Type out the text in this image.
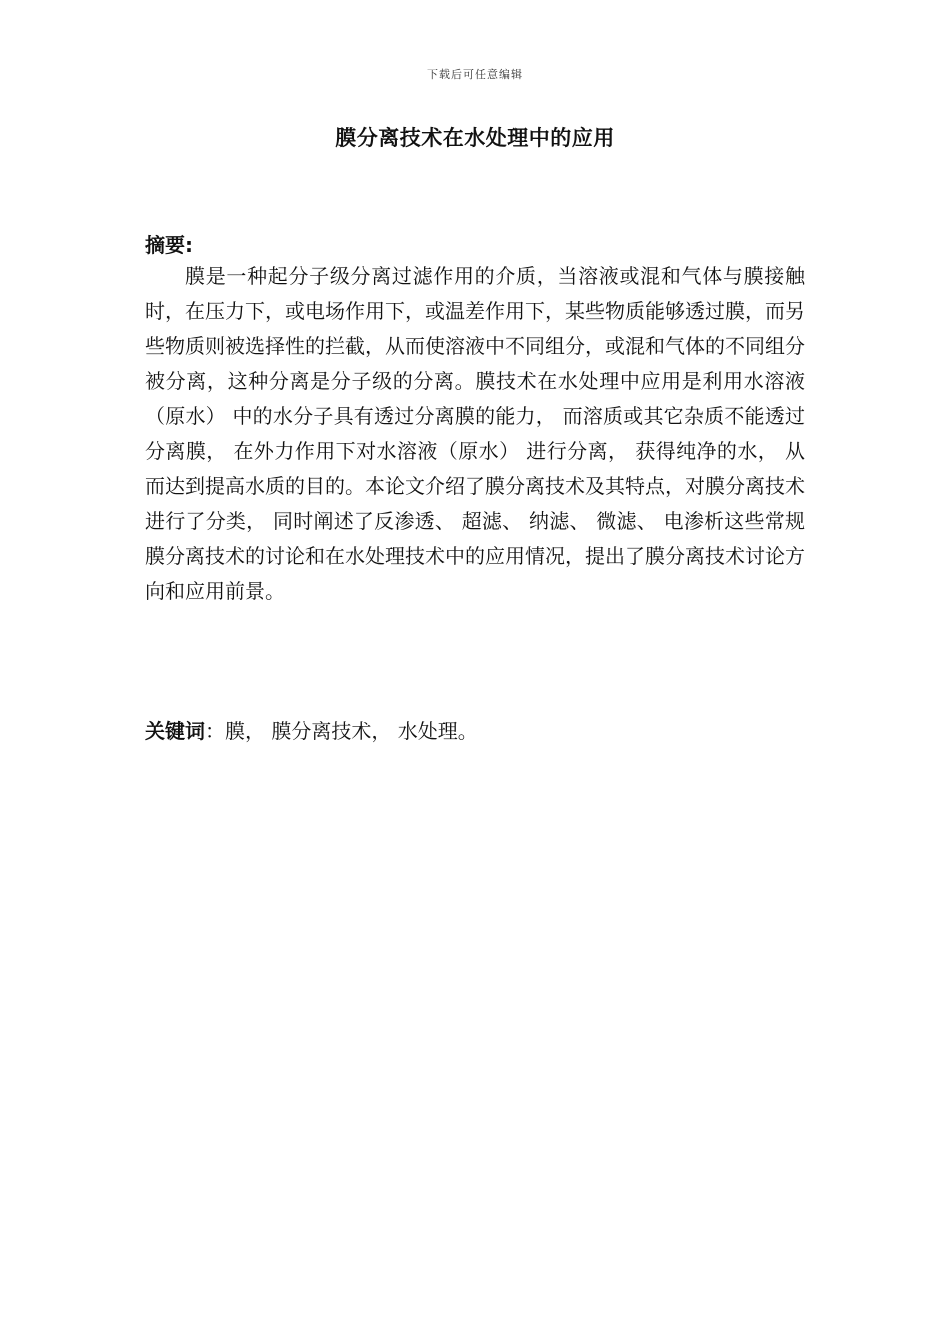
下载后可任意编辑
膜分离技术在水处理中的应用
摘要:

膜是一种起分子级分离过滤作用的介质，当溶液或混和气体与膜接触时，在压力下，或电场作用下，或温差作用下，某些物质能够透过膜，而另些物质则被选择性的拦截，从而使溶液中不同组分，或混和气体的不同组分被分离，这种分离是分子级的分离。膜技术在水处理中应用是利用水溶液（原水） 中的水分子具有透过分离膜的能力， 而溶质或其它杂质不能透过分离膜， 在外力作用下对水溶液（原水） 进行分离， 获得纯净的水， 从而达到提高水质的目的。本论文介绍了膜分离技术及其特点，对膜分离技术进行了分类， 同时阐述了反渗透、 超滤、 纳滤、 微滤、 电渗析这些常规膜分离技术的讨论和在水处理技术中的应用情况，提出了膜分离技术讨论方向和应用前景。

关键词：膜， 膜分离技术， 水处理。
